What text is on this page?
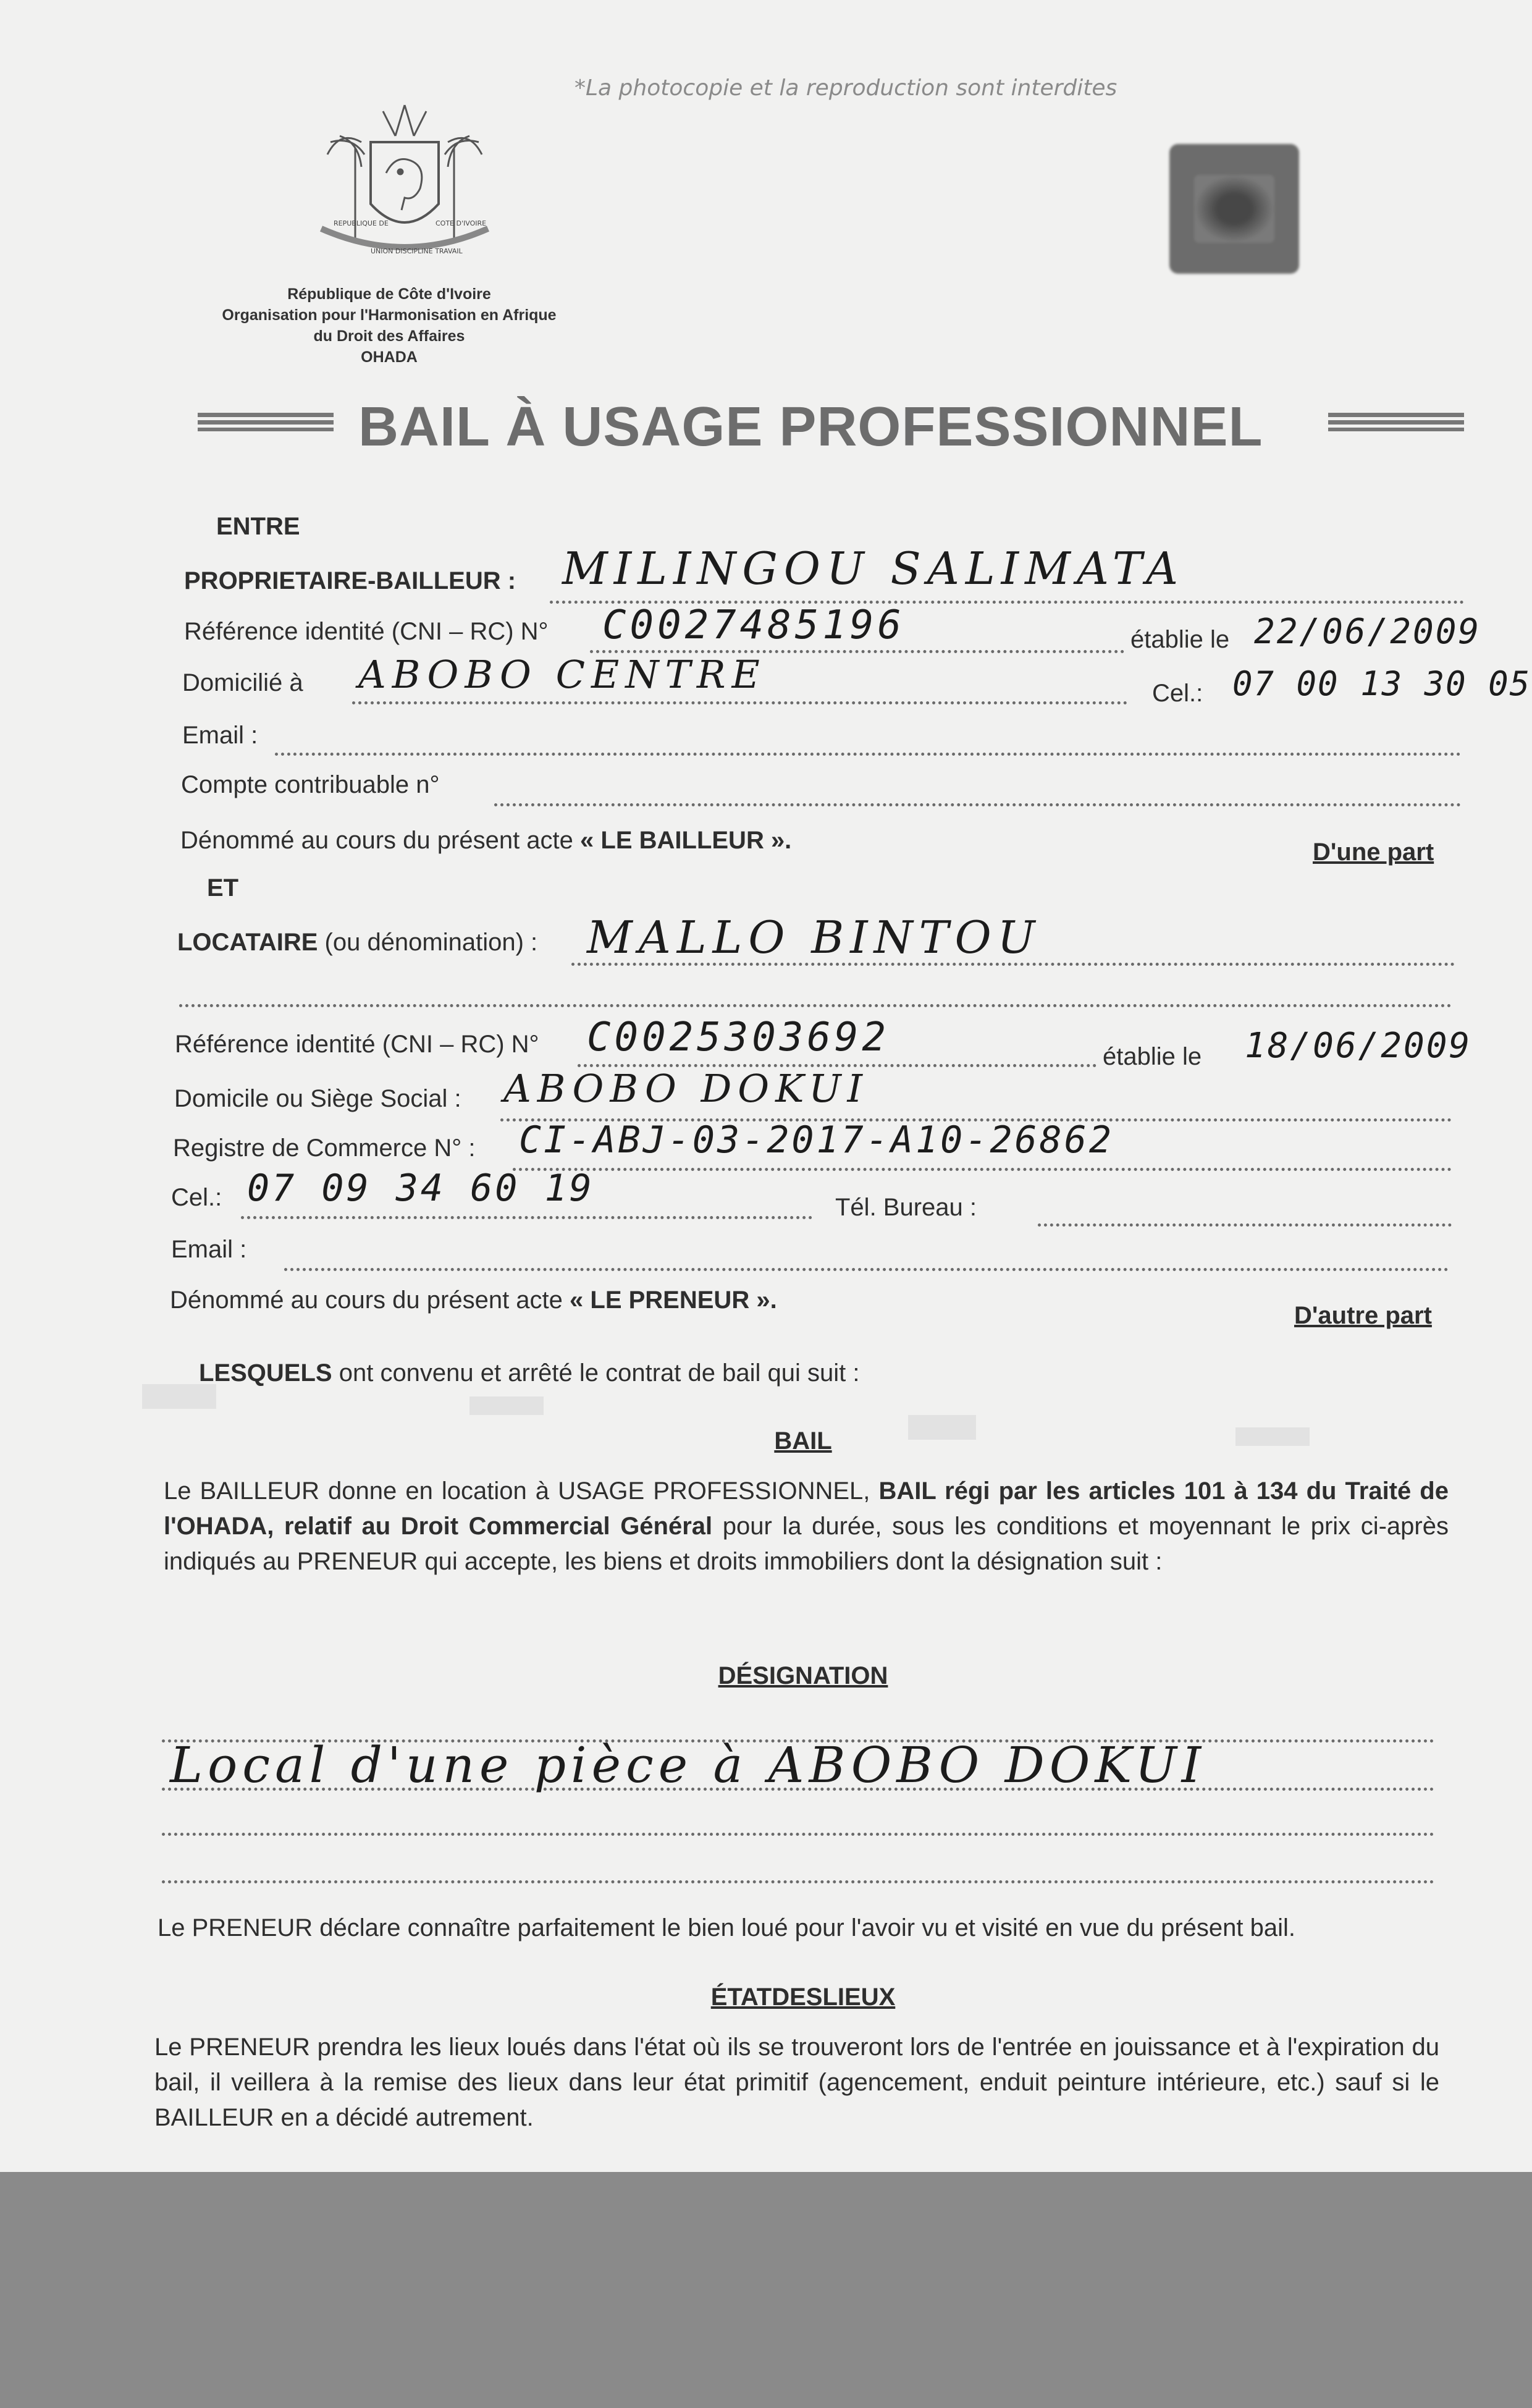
*La photocopie et la reproduction sont interdites
REPUBLIQUE DE
UNION DISCIPLINE TRAVAIL
COTE D'IVOIRE
République de Côte d'Ivoire
Organisation pour l'Harmonisation en Afrique
du Droit des Affaires
OHADA
BAIL À USAGE PROFESSIONNEL
ENTRE
PROPRIETAIRE-BAILLEUR : MILINGOU SALIMATA
Référence identité (CNI – RC) N° C0027485196	établie le 22/06/2009
Domicilié à ABOBO CENTRE	Cel.: 07 00 13 30 05
Email :
Compte contribuable n°
Dénommé au cours du présent acte « LE BAILLEUR ».	D'une part
ET
LOCATAIRE (ou dénomination) : MALLO BINTOU
Référence identité (CNI – RC) N° C0025303692	établie le 18/06/2009
Domicile ou Siège Social : ABOBO DOKUI
Registre de Commerce N° : CI-ABJ-03-2017-A10-26862
Cel.: 07 09 34 60 19	Tél. Bureau :
Email :
Dénommé au cours du présent acte « LE PRENEUR ».
D'autre part
LESQUELS ont convenu et arrêté le contrat de bail qui suit :
BAIL
Le BAILLEUR donne en location à USAGE PROFESSIONNEL, BAIL régi par les articles 101 à 134 du Traité de l'OHADA, relatif au Droit Commercial Général pour la durée, sous les conditions et moyennant le prix ci-après indiqués au PRENEUR qui accepte, les biens et droits immobiliers dont la désignation suit :
DÉSIGNATION
Local d'une pièce à ABOBO DOKUI
Le PRENEUR déclare connaître parfaitement le bien loué pour l'avoir vu et visité en vue du présent bail.
ÉTATDESLIEUX
Le PRENEUR prendra les lieux loués dans l'état où ils se trouveront lors de l'entrée en jouissance et à l'expiration du bail, il veillera à la remise des lieux dans leur état primitif (agencement, enduit peinture intérieure, etc.) sauf si le BAILLEUR en a décidé autrement.
